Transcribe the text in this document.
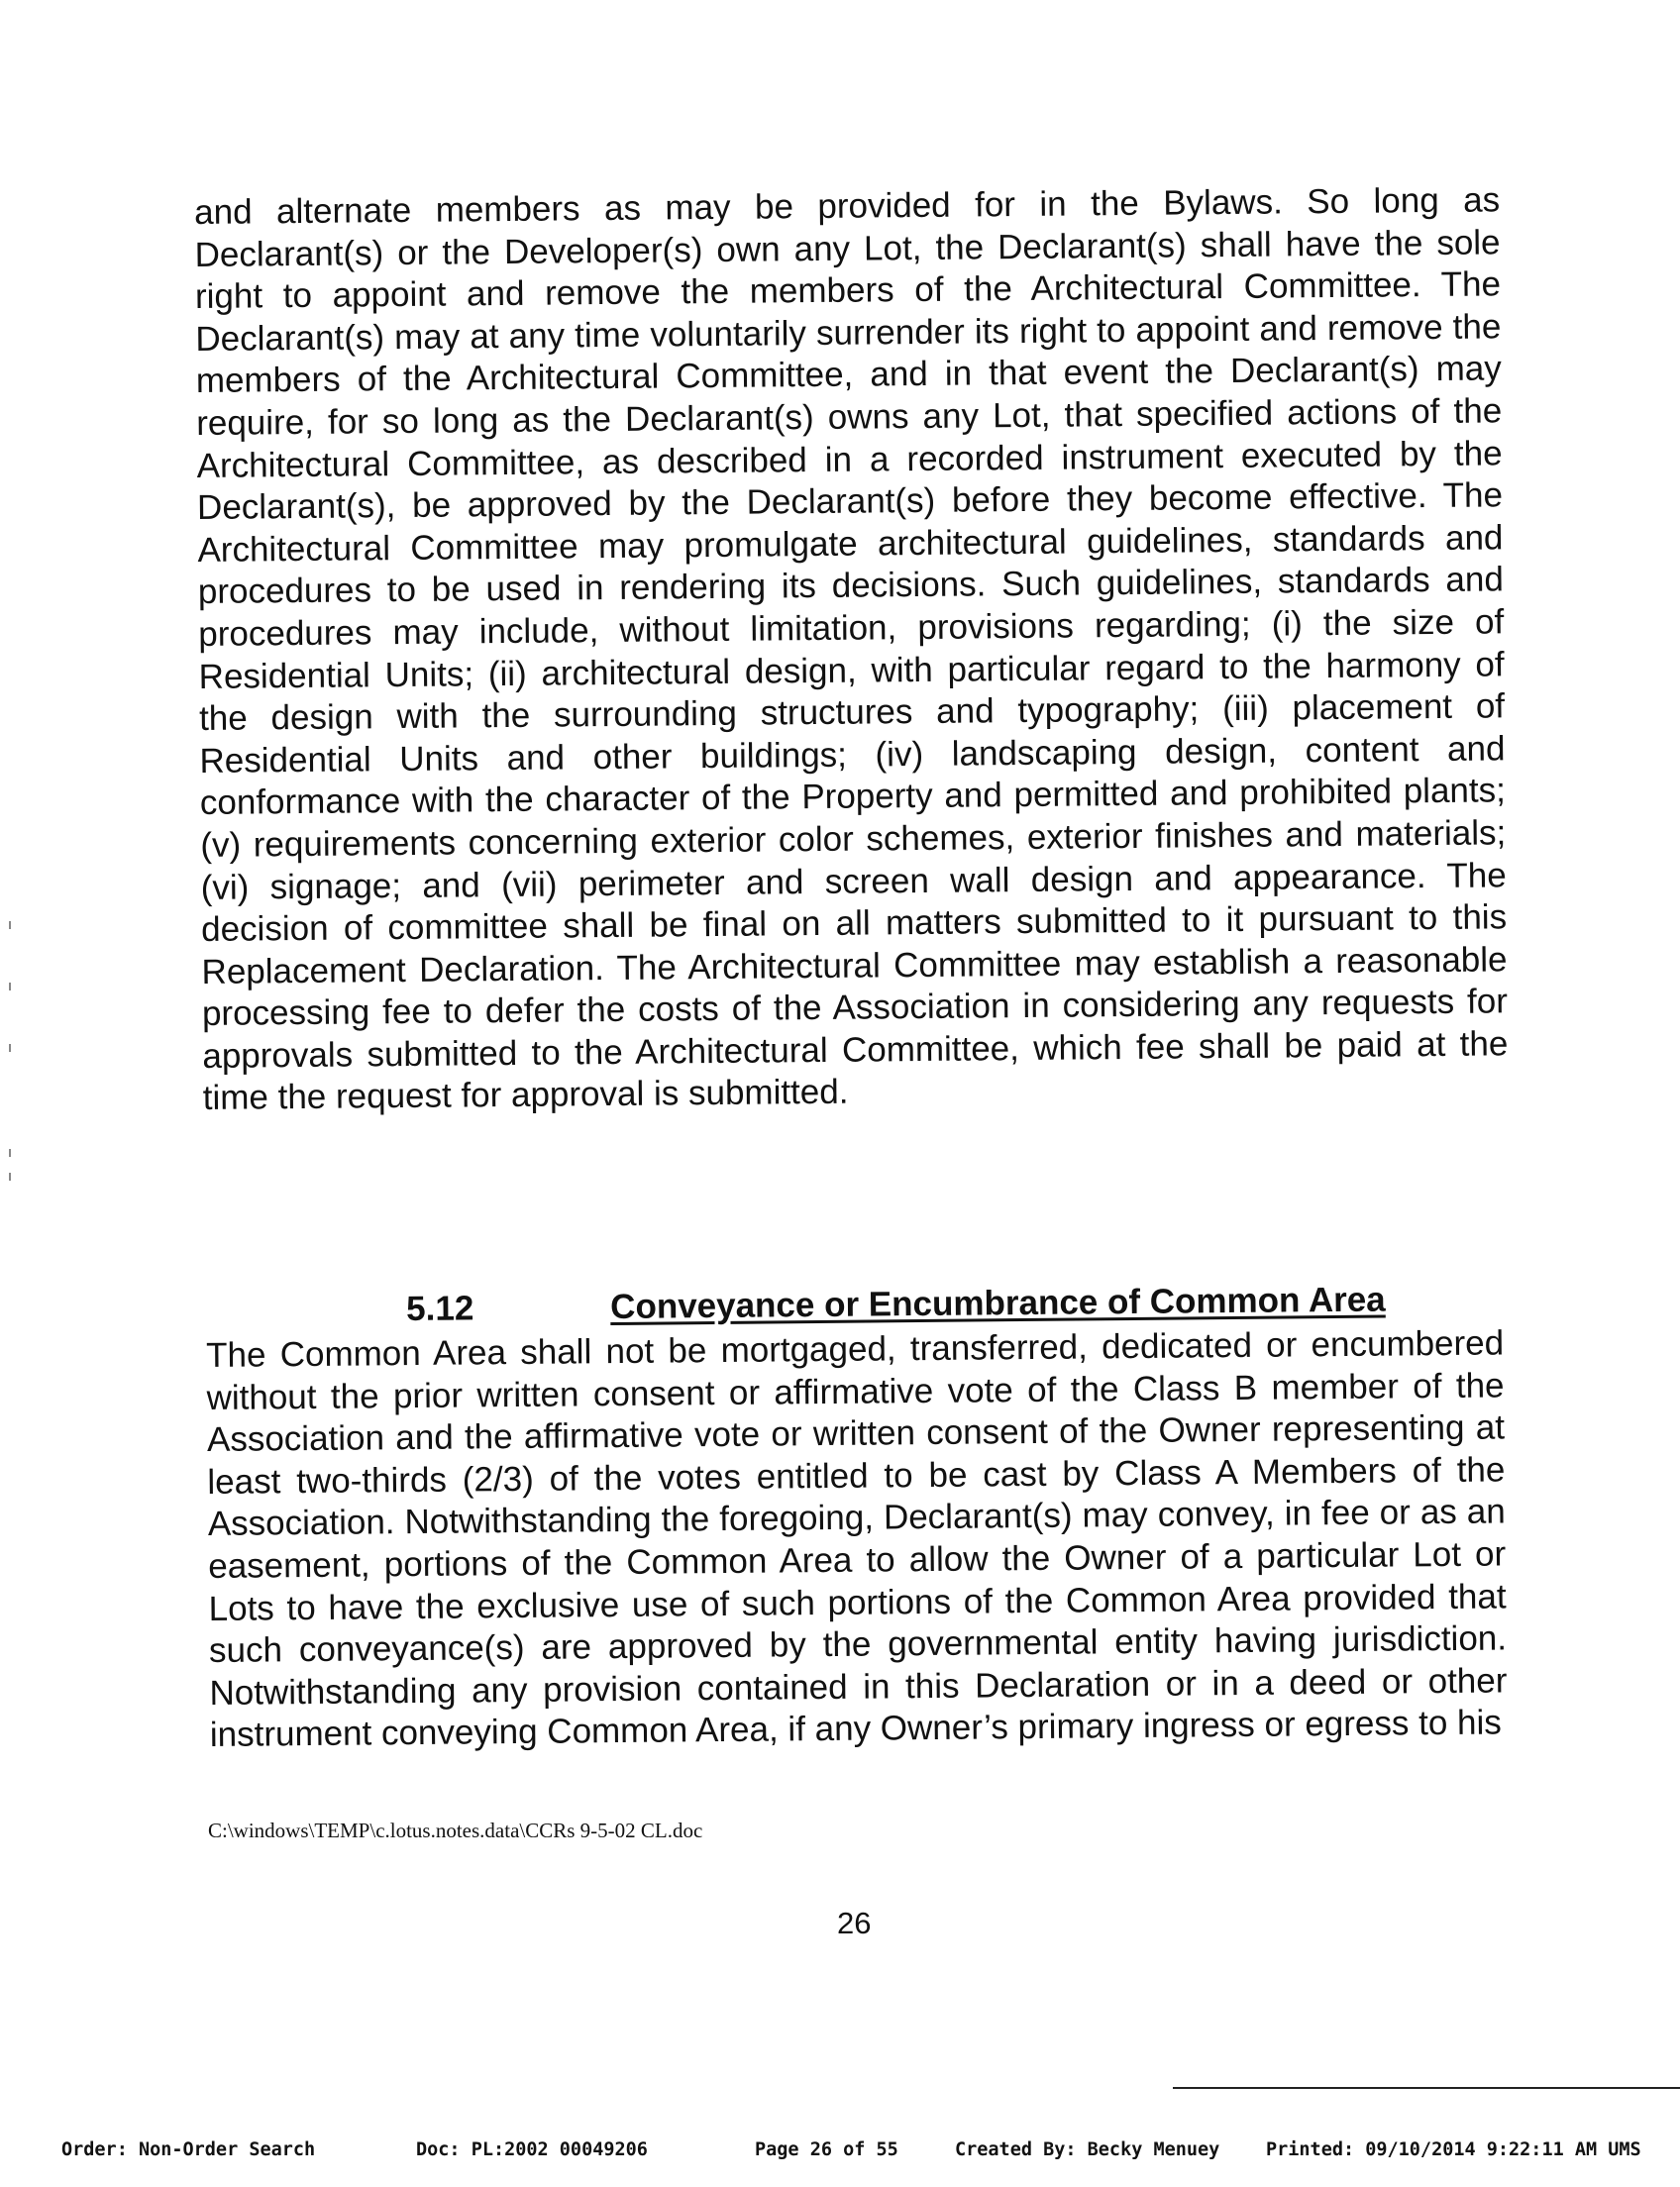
and alternate members as may be provided for in the Bylaws. So long as Declarant(s) or the Developer(s) own any Lot, the Declarant(s) shall have the sole right to appoint and remove the members of the Architectural Committee. The Declarant(s) may at any time voluntarily surrender its right to appoint and remove the members of the Architectural Committee, and in that event the Declarant(s) may require, for so long as the Declarant(s) owns any Lot, that specified actions of the Architectural Committee, as described in a recorded instrument executed by the Declarant(s), be approved by the Declarant(s) before they become effective. The Architectural Committee may promulgate architectural guidelines, standards and procedures to be used in rendering its decisions. Such guidelines, standards and procedures may include, without limitation, provisions regarding; (i) the size of Residential Units; (ii) architectural design, with particular regard to the harmony of the design with the surrounding structures and typography; (iii) placement of Residential Units and other buildings; (iv) landscaping design, content and conformance with the character of the Property and permitted and prohibited plants; (v) requirements concerning exterior color schemes, exterior finishes and materials; (vi) signage; and (vii) perimeter and screen wall design and appearance. The decision of committee shall be final on all matters submitted to it pursuant to this Replacement Declaration. The Architectural Committee may establish a reasonable processing fee to defer the costs of the Association in considering any requests for approvals submitted to the Architectural Committee, which fee shall be paid at the time the request for approval is submitted.

5.12	Conveyance or Encumbrance of Common Area

The Common Area shall not be mortgaged, transferred, dedicated or encumbered without the prior written consent or affirmative vote of the Class B member of the Association and the affirmative vote or written consent of the Owner representing at least two-thirds (2/3) of the votes entitled to be cast by Class A Members of the Association. Notwithstanding the foregoing, Declarant(s) may convey, in fee or as an easement, portions of the Common Area to allow the Owner of a particular Lot or Lots to have the exclusive use of such portions of the Common Area provided that such conveyance(s) are approved by the governmental entity having jurisdiction. Notwithstanding any provision contained in this Declaration or in a deed or other instrument conveying Common Area, if any Owner’s primary ingress or egress to his

C:\windows\TEMP\c.lotus.notes.data\CCRs 9-5-02 CL.doc
26
Order: Non-Order Search	Doc: PL:2002 00049206	Page 26 of 55	Created By: Becky Menuey	Printed: 09/10/2014 9:22:11 AM UMS
